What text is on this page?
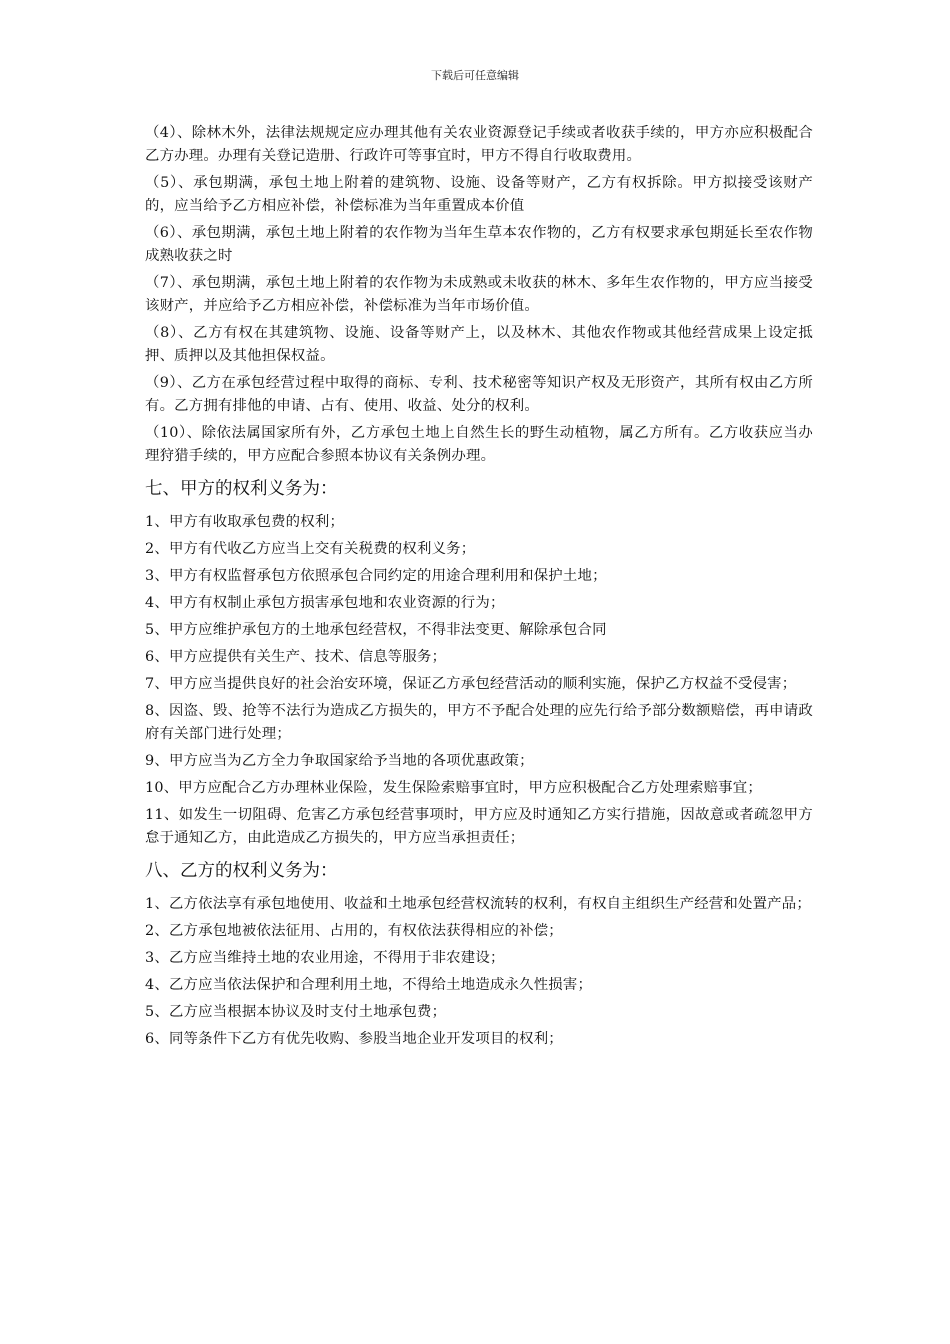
下载后可任意编辑

（4）、除林木外，法律法规规定应办理其他有关农业资源登记手续或者收获手续的，甲方亦应积极配合乙方办理。办理有关登记造册、行政许可等事宜时，甲方不得自行收取费用。

（5）、承包期满，承包土地上附着的建筑物、设施、设备等财产，乙方有权拆除。甲方拟接受该财产的，应当给予乙方相应补偿，补偿标准为当年重置成本价值

（6）、承包期满，承包土地上附着的农作物为当年生草本农作物的，乙方有权要求承包期延长至农作物成熟收获之时

（7）、承包期满，承包土地上附着的农作物为未成熟或未收获的林木、多年生农作物的，甲方应当接受该财产，并应给予乙方相应补偿，补偿标准为当年市场价值。

（8）、乙方有权在其建筑物、设施、设备等财产上，以及林木、其他农作物或其他经营成果上设定抵押、质押以及其他担保权益。

（9）、乙方在承包经营过程中取得的商标、专利、技术秘密等知识产权及无形资产，其所有权由乙方所有。乙方拥有排他的申请、占有、使用、收益、处分的权利。

（10）、除依法属国家所有外，乙方承包土地上自然生长的野生动植物，属乙方所有。乙方收获应当办理狩猎手续的，甲方应配合参照本协议有关条例办理。

七、甲方的权利义务为：

1、甲方有收取承包费的权利；

2、甲方有代收乙方应当上交有关税费的权利义务；

3、甲方有权监督承包方依照承包合同约定的用途合理利用和保护土地；

4、甲方有权制止承包方损害承包地和农业资源的行为；

5、甲方应维护承包方的土地承包经营权，不得非法变更、解除承包合同

6、甲方应提供有关生产、技术、信息等服务；

7、甲方应当提供良好的社会治安环境，保证乙方承包经营活动的顺利实施，保护乙方权益不受侵害；

8、因盗、毁、抢等不法行为造成乙方损失的，甲方不予配合处理的应先行给予部分数额赔偿，再申请政府有关部门进行处理；

9、甲方应当为乙方全力争取国家给予当地的各项优惠政策；

10、甲方应配合乙方办理林业保险，发生保险索赔事宜时，甲方应积极配合乙方处理索赔事宜；

11、如发生一切阻碍、危害乙方承包经营事项时，甲方应及时通知乙方实行措施，因故意或者疏忽甲方怠于通知乙方，由此造成乙方损失的，甲方应当承担责任；

八、乙方的权利义务为：

1、乙方依法享有承包地使用、收益和土地承包经营权流转的权利，有权自主组织生产经营和处置产品；

2、乙方承包地被依法征用、占用的，有权依法获得相应的补偿；

3、乙方应当维持土地的农业用途，不得用于非农建设；

4、乙方应当依法保护和合理利用土地，不得给土地造成永久性损害；

5、乙方应当根据本协议及时支付土地承包费；

6、同等条件下乙方有优先收购、参股当地企业开发项目的权利；
